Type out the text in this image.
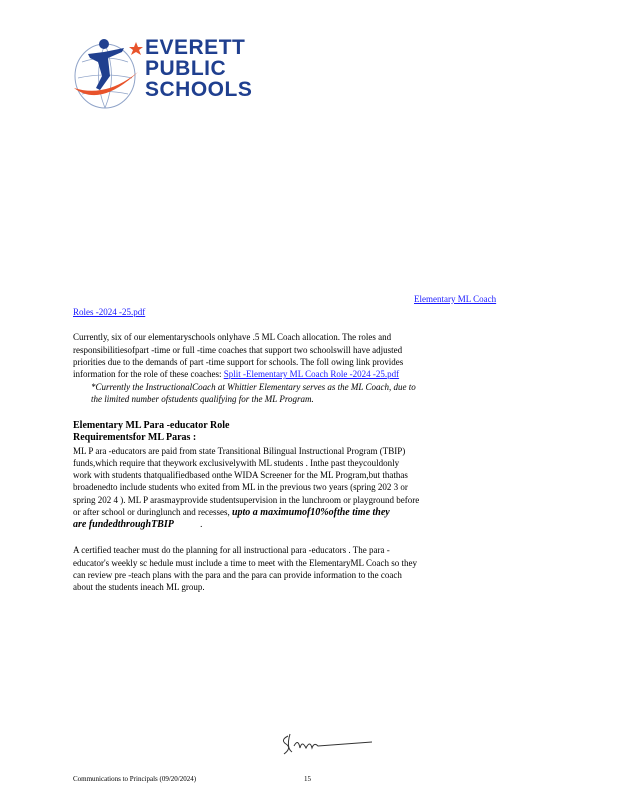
EVERETT
PUBLIC
SCHOOLS
Elementary ML Coach
Roles -2024 -25.pdf
Currently, six of our elementaryschools onlyhave .5 ML Coach allocation. The roles and
responsibilitiesofpart -time or full -time coaches that support two schoolswill have adjusted
priorities due to the demands of part -time support for schools. The foll owing link provides
information for the role of these coaches: Split -Elementary ML Coach Role -2024 -25.pdf
*Currently the InstructionalCoach at Whittier Elementary serves as the ML Coach, due to
the limited number ofstudents qualifying for the ML Program.
Elementary ML Para -educator Role
Requirementsfor ML Paras :
ML P ara -educators are paid from state Transitional Bilingual Instructional Program (TBIP)
funds,which require that theywork exclusivelywith ML students . Inthe past theycouldonly
work with students thatqualifiedbased onthe WIDA Screener for the ML Program,but thathas
broadenedto include students who exited from ML in the previous two years (spring 202 3 or
spring 202 4 ). ML P arasmayprovide studentsupervision in the lunchroom or playground before
or after school or duringlunch and recesses, upto a maximumof10%ofthe time they
are fundedthroughTBIP	.
A certified teacher must do the planning for all instructional para -educators . The para -
educator's weekly sc hedule must include a time to meet with the ElementaryML Coach so they
can review pre -teach plans with the para and the para can provide information to the coach
about the students ineach ML group.
Communications to Principals (09/20/2024)	15
